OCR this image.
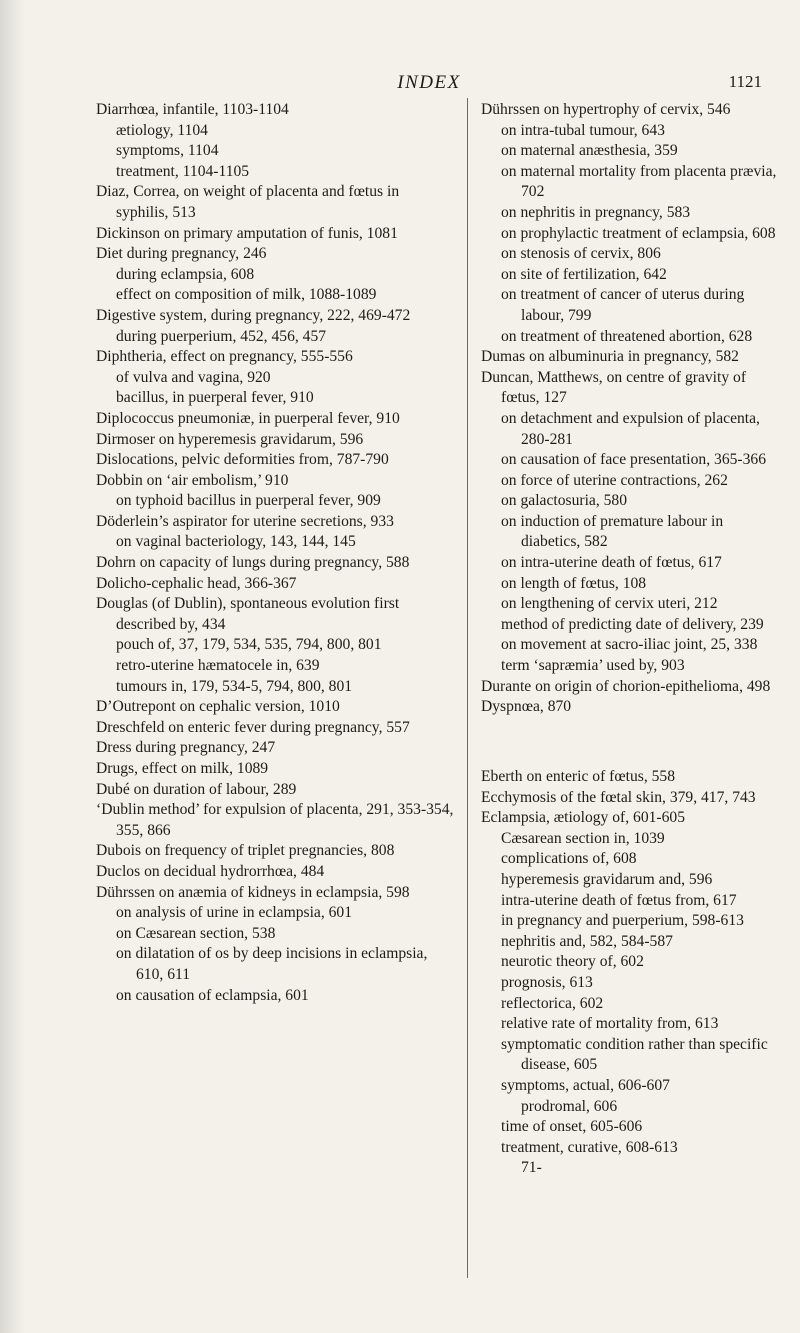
INDEX	1121

Diarrhœa, infantile, 1103-1104

ætiology, 1104

symptoms, 1104

treatment, 1104-1105

Diaz, Correa, on weight of placenta and fœtus in syphilis, 513

Dickinson on primary amputation of funis, 1081

Diet during pregnancy, 246

during eclampsia, 608

effect on composition of milk, 1088-1089

Digestive system, during pregnancy, 222, 469-472

during puerperium, 452, 456, 457

Diphtheria, effect on pregnancy, 555-556

of vulva and vagina, 920

bacillus, in puerperal fever, 910

Diplococcus pneumoniæ, in puerperal fever, 910

Dirmoser on hyperemesis gravidarum, 596

Dislocations, pelvic deformities from, 787-790

Dobbin on ‘air embolism,’ 910

on typhoid bacillus in puerperal fever, 909

Döderlein’s aspirator for uterine secretions, 933

on vaginal bacteriology, 143, 144, 145

Dohrn on capacity of lungs during pregnancy, 588

Dolicho-cephalic head, 366-367

Douglas (of Dublin), spontaneous evolution first described by, 434

pouch of, 37, 179, 534, 535, 794, 800, 801

retro-uterine hæmatocele in, 639

tumours in, 179, 534-5, 794, 800, 801

D’Outrepont on cephalic version, 1010

Dreschfeld on enteric fever during pregnancy, 557

Dress during pregnancy, 247

Drugs, effect on milk, 1089

Dubé on duration of labour, 289

‘Dublin method’ for expulsion of placenta, 291, 353-354, 355, 866

Dubois on frequency of triplet pregnancies, 808

Duclos on decidual hydrorrhœa, 484

Dührssen on anæmia of kidneys in eclampsia, 598

on analysis of urine in eclampsia, 601

on Cæsarean section, 538

on dilatation of os by deep incisions in eclampsia, 610, 611

on causation of eclampsia, 601

Dührssen on hypertrophy of cervix, 546

on intra-tubal tumour, 643

on maternal anæsthesia, 359

on maternal mortality from placenta prævia, 702

on nephritis in pregnancy, 583

on prophylactic treatment of eclampsia, 608

on stenosis of cervix, 806

on site of fertilization, 642

on treatment of cancer of uterus during labour, 799

on treatment of threatened abortion, 628

Dumas on albuminuria in pregnancy, 582

Duncan, Matthews, on centre of gravity of fœtus, 127

on detachment and expulsion of placenta, 280-281

on causation of face presentation, 365-366

on force of uterine contractions, 262

on galactosuria, 580

on induction of premature labour in diabetics, 582

on intra-uterine death of fœtus, 617

on length of fœtus, 108

on lengthening of cervix uteri, 212

method of predicting date of delivery, 239

on movement at sacro-iliac joint, 25, 338

term ‘sapræmia’ used by, 903

Durante on origin of chorion-epithelioma, 498

Dyspnœa, 870

Eberth on enteric of fœtus, 558

Ecchymosis of the fœtal skin, 379, 417, 743

Eclampsia, ætiology of, 601-605

Cæsarean section in, 1039

complications of, 608

hyperemesis gravidarum and, 596

intra-uterine death of fœtus from, 617

in pregnancy and puerperium, 598-613

nephritis and, 582, 584-587

neurotic theory of, 602

prognosis, 613

reflectorica, 602

relative rate of mortality from, 613

symptomatic condition rather than specific disease, 605

symptoms, actual, 606-607

prodromal, 606

time of onset, 605-606

treatment, curative, 608-613

71-
